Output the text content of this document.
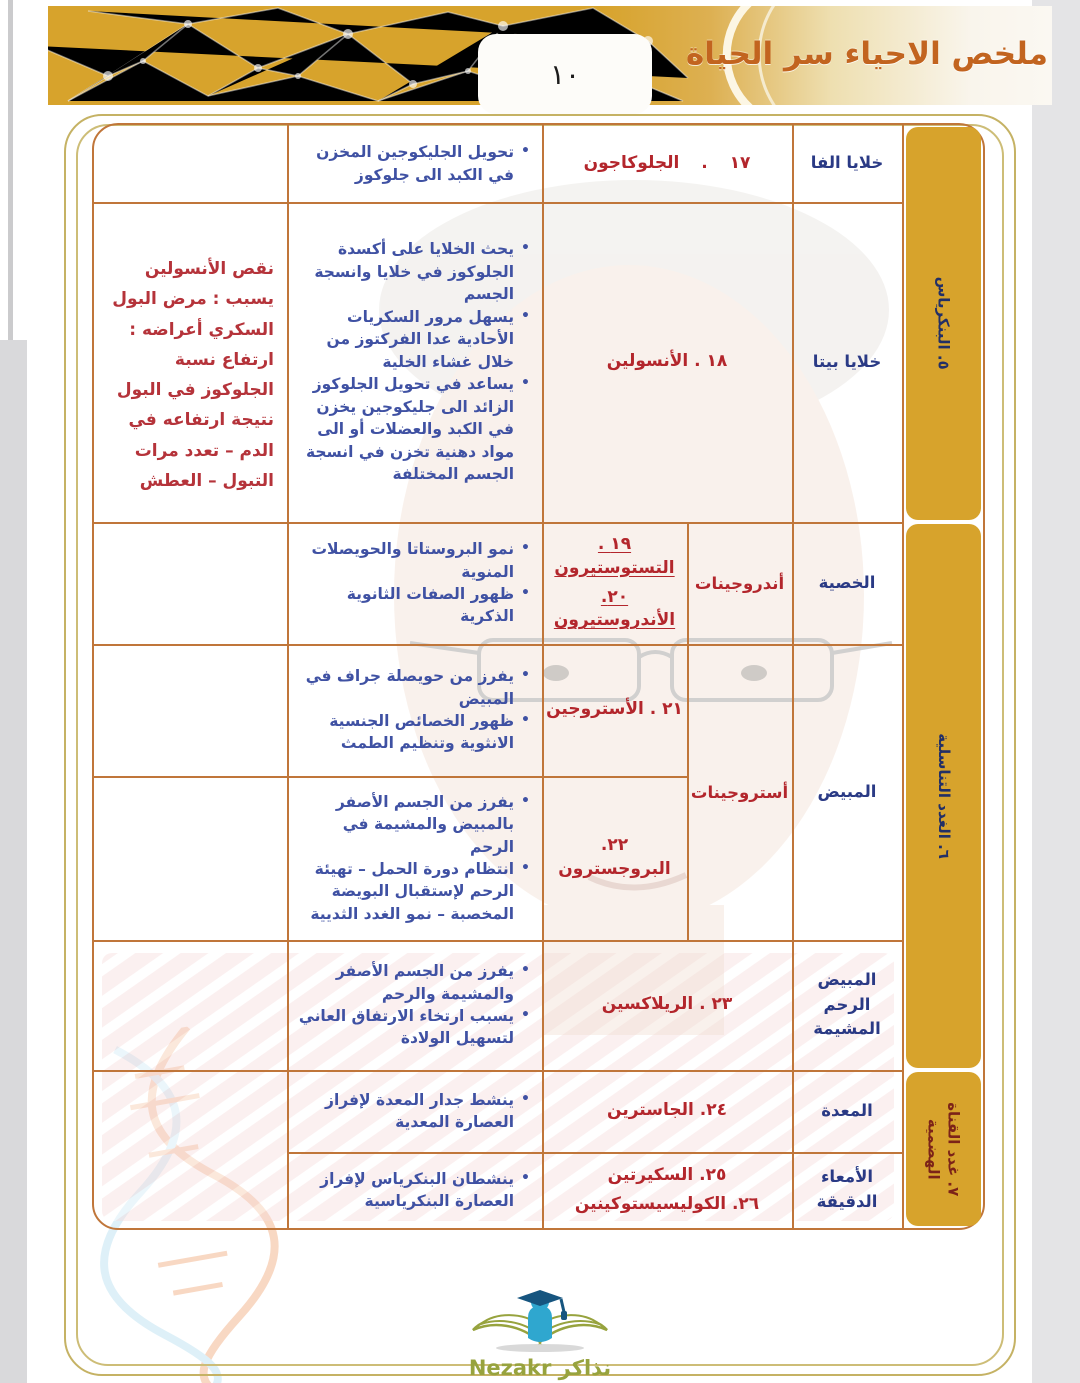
١٠
ملخص الاحياء سر الحياة
٥. البنكرياس
٦. الغدد التناسلية
٧. غدد القناة
الهضمية
خلايا الفا
خلايا بيتا
الخصية
المبيض
المبيض الرحم المشيمة
المعدة
الأمعاء الدقيقة
أندروجينات
أستروجينات
١٧ . الجلوكاجون
١٨ . الأنسولين
١٩ . التستوستيرون
٢٠. الأندروستيرون
٢١ . الأستروجين
٢٢. البروجسترون
٢٣ . الريلاكسين
٢٤. الجاسترين
٢٥. السكيرتين
٢٦. الكوليسيستوكينين
• تحويل الجليكوجين المخزن في الكبد الى جلوكوز
• يحث الخلايا على أكسدة الجلوكوز في خلايا وانسجة الجسم
• يسهل مرور السكريات الأحادية عدا الفركتوز من خلال غشاء الخلية
• يساعد في تحويل الجلوكوز الزائد الى جليكوجين يخزن في الكبد والعضلات أو الى مواد دهنية تخزن في انسجة الجسم المختلفة
• نمو البروستاتا والحويصلات المنوية
• ظهور الصفات الثانوية الذكرية
• يفرز من حويصلة جراف في المبيض
• ظهور الخصائص الجنسية الانثوية وتنظيم الطمث
• يفرز من الجسم الأصفر بالمبيض والمشيمة في الرحم
• انتظام دورة الحمل – تهيئة الرحم لإستقبال البويضة المخصبة – نمو الغدد الثديية
• يفرز من الجسم الأصفر والمشيمة والرحم
• يسبب ارتخاء الارتفاق العاني لتسهيل الولادة
• ينشط جدار المعدة لإفراز العصارة المعدية
• ينشطان البنكرياس لإفراز العصارة البنكرياسية
نقص الأنسولين يسبب : مرض البول السكري أعراضه : ارتفاع نسبة الجلوكوز في البول نتيجة ارتفاعه في الدم – تعدد مرات التبول – العطش
نذاكر Nezakr
